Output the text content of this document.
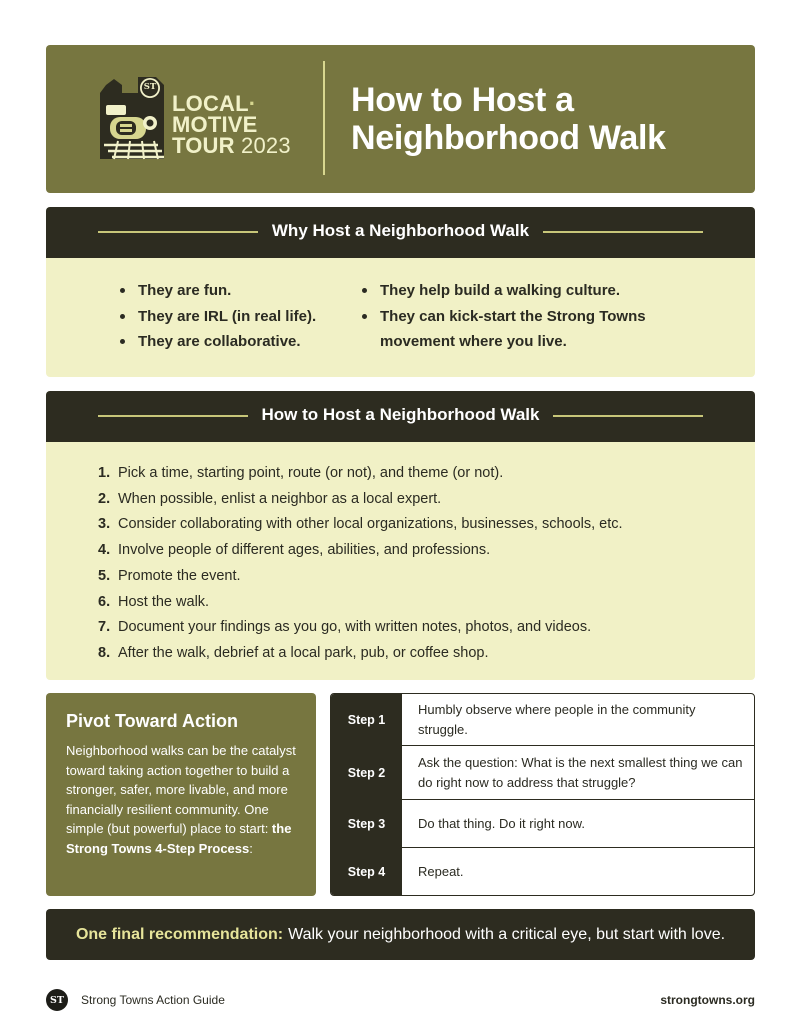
ST
LOCAL·
MOTIVE
TOUR 2023
How to Host a
Neighborhood Walk
Why Host a Neighborhood Walk
They are fun.
They are IRL (in real life).
They are collaborative.
They help build a walking culture.
They can kick-start the Strong Towns
movement where you live.
How to Host a Neighborhood Walk
1. Pick a time, starting point, route (or not), and theme (or not).
2. When possible, enlist a neighbor as a local expert.
3. Consider collaborating with other local organizations, businesses, schools, etc.
4. Involve people of different ages, abilities, and professions.
5. Promote the event.
6. Host the walk.
7. Document your findings as you go, with written notes, photos, and videos.
8. After the walk, debrief at a local park, pub, or coffee shop.
Pivot Toward Action
Neighborhood walks can be the catalyst toward taking action together to build a stronger, safer, more livable, and more financially resilient community. One simple (but powerful) place to start: the Strong Towns 4-Step Process:
Step 1
Humbly observe where people in the community struggle.
Step 2
Ask the question: What is the next smallest thing we can do right now to address that struggle?
Step 3	Do that thing. Do it right now.
Step 4	Repeat.
One final recommendation: Walk your neighborhood with a critical eye, but start with love.
ST	Strong Towns Action Guide	strongtowns.org
